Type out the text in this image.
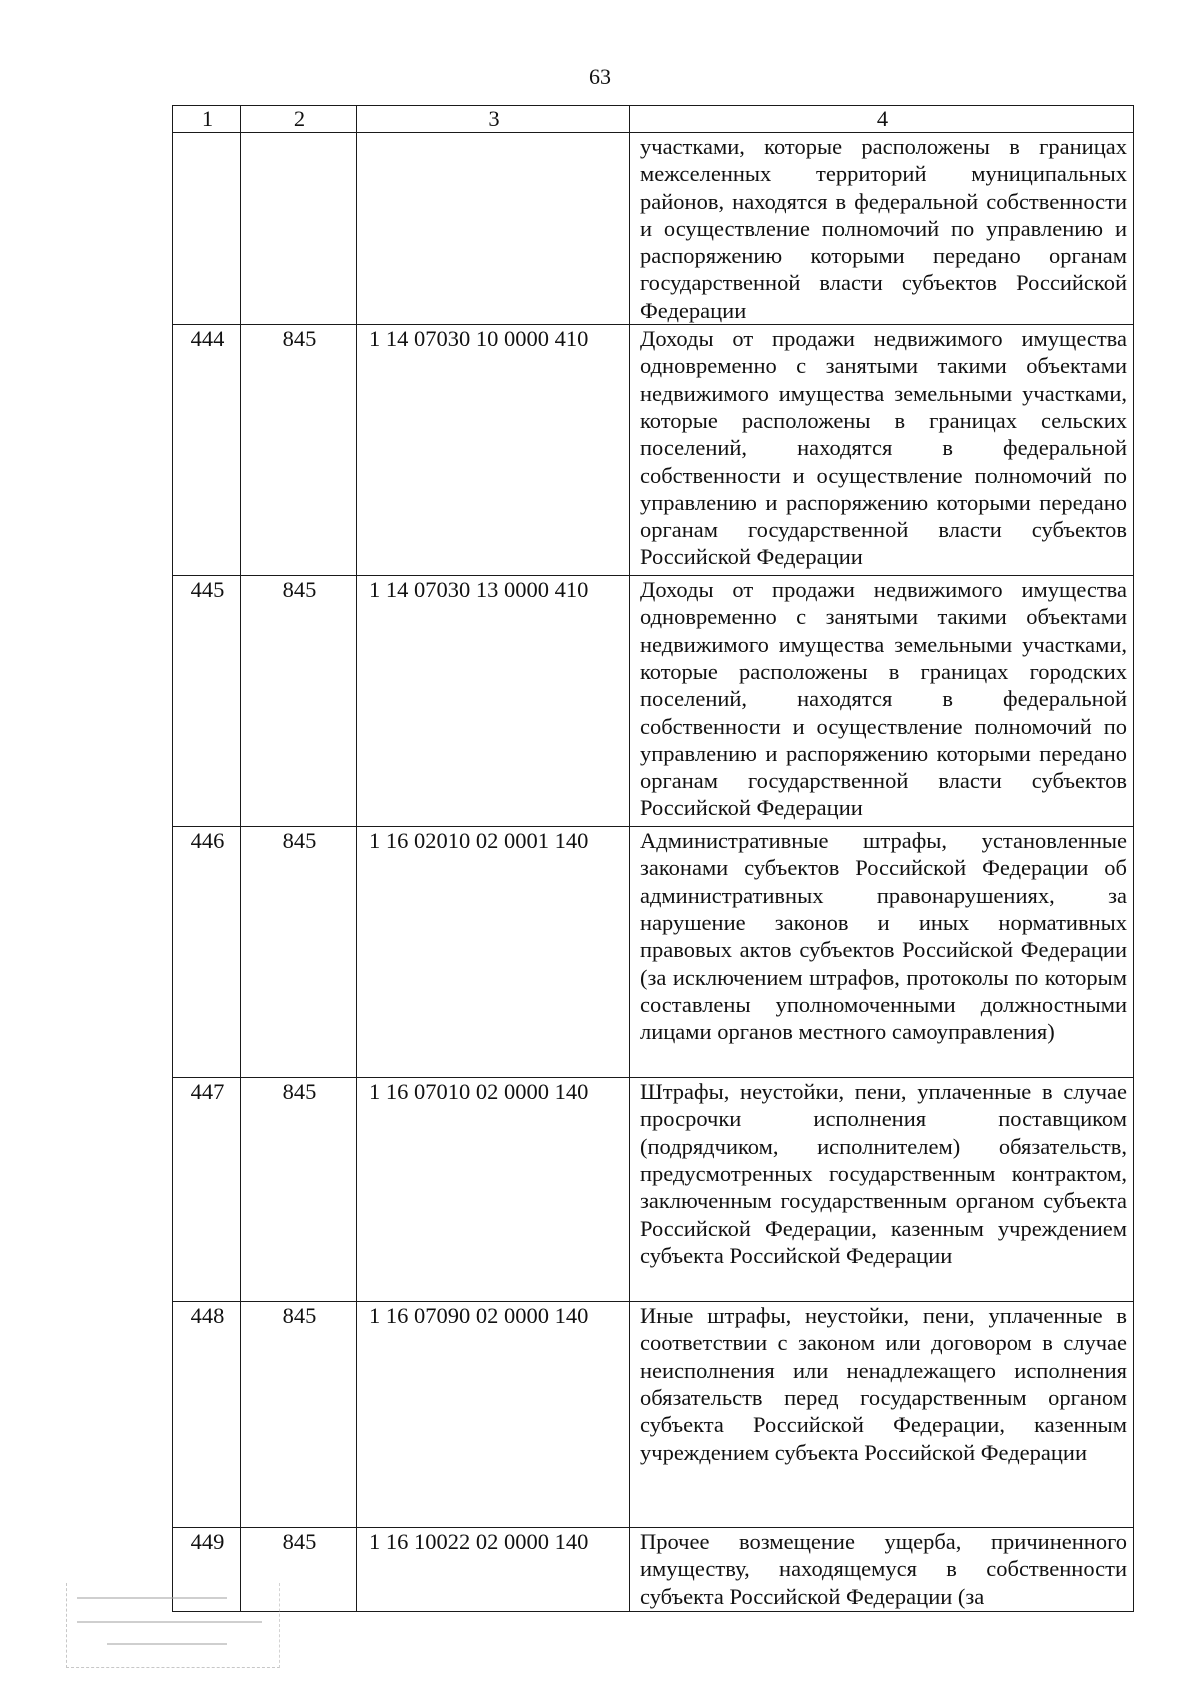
63
1	2	3	4
			участками, которые расположены в границах межселенных территорий муниципальных районов, находятся в федеральной собственности и осуществление полномочий по управлению и распоряжению которыми передано органам государственной власти субъектов Российской Федерации
444	845	1 14 07030 10 0000 410	Доходы от продажи недвижимого имущества одновременно с занятыми такими объектами недвижимого имущества земельными участками, которые расположены в границах сельских поселений, находятся в федеральной собственности и осуществление полномочий по управлению и распоряжению которыми передано органам государственной власти субъектов Российской Федерации
445	845	1 14 07030 13 0000 410	Доходы от продажи недвижимого имущества одновременно с занятыми такими объектами недвижимого имущества земельными участками, которые расположены в границах городских поселений, находятся в федеральной собственности и осуществление полномочий по управлению и распоряжению которыми передано органам государственной власти субъектов Российской Федерации
446	845	1 16 02010 02 0001 140	Административные штрафы, установленные законами субъектов Российской Федерации об административных правонарушениях, за нарушение законов и иных нормативных правовых актов субъектов Российской Федерации (за исключением штрафов, протоколы по которым составлены уполномоченными должностными лицами органов местного самоуправления)
447	845	1 16 07010 02 0000 140	Штрафы, неустойки, пени, уплаченные в случае просрочки исполнения поставщиком (подрядчиком, исполнителем) обязательств, предусмотренных государственным контрактом, заключенным государственным органом субъекта Российской Федерации, казенным учреждением субъекта Российской Федерации
448	845	1 16 07090 02 0000 140	Иные штрафы, неустойки, пени, уплаченные в соответствии с законом или договором в случае неисполнения или ненадлежащего исполнения обязательств перед государственным органом субъекта Российской Федерации, казенным учреждением субъекта Российской Федерации
449	845	1 16 10022 02 0000 140	Прочее возмещение ущерба, причиненного имуществу, находящемуся в собственности субъекта Российской Федерации (за
